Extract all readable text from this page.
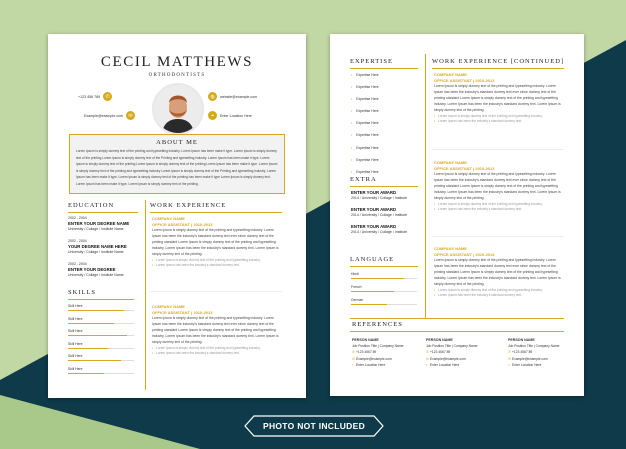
CECIL MATTHEWS
ORTHODONTISTS
+123 456 789	✆
Example@example.com	✉
◍	website@example.com
⌖	Enter Location Here
ABOUT ME
Lorem Ipsum is simply dummy text of the printing and typesetting industry. Lorem Ipsum has been make it type. Lorem Ipsum is simply dummy text of the printing Lorem Ipsum is simply dummy text of the Printing and typesetting industry. Lorem Ipsum has been make it type. Lorem Ipsum is simply dummy text of the printing Lorem Ipsum is simply dummy text of the printing Lorem Ipsum has been make it type. Lorem Ipsum is simply dummy text of the printing and typesetting industry Lorem Ipsum is simply dummy text of the Printing and typesetting industry. Lorem Ipsum has been make it type. Lorem Ipsum is simply dummy text of the printing has been make it type Lorem Ipsum is simply dummy text. Lorem Ipsum has been make it type. Lorem Ipsum is simply dummy text of the printing.
EDUCATION
2002 - 2004
ENTER YOUR DEGREE NAME
University / Collage / Institute Name
2002 - 2004
YOUR DEGREE NAME HERE
University / Collage / Institute Name
2002 - 2004
ENTER YOUR DEGREE
University / Collage / Institute Name
SKILLS
Skill Here
Skill Here
Skill Here
Skill Here
Skill Here
Skill Here
WORK EXPERIENCE
COMPANY NAME
OFFICE ASSISTANT | 2010-2013
Lorem Ipsum is simply dummy text of the printing and typesetting industry. Lorem Ipsum has been the industry's standard dummy text ever since dummy text of the printing standard Lorem Ipsum is simply dummy text of the printing and typesetting industry. Lorem Ipsum has been the industry's standard dummy text. Lorem Ipsum is simply dummy text of the printing.
• Lorem Ipsum is simply dummy text of the printing and typesetting industry.
• Lorem Ipsum has been the industry's standard dummy text.
COMPANY NAME
OFFICE ASSISTANT | 2010-2013
Lorem Ipsum is simply dummy text of the printing and typesetting industry. Lorem Ipsum has been the industry's standard dummy text ever since dummy text of the printing standard Lorem Ipsum is simply dummy text of the printing and typesetting industry. Lorem Ipsum has been the industry's standard dummy text. Lorem Ipsum is simply dummy text of the printing.
• Lorem Ipsum is simply dummy text of the printing and typesetting industry.
• Lorem Ipsum has been the industry's standard dummy text.
EXPERTISE
• Expertise Here
• Expertise Here
• Expertise Here
• Expertise Here
• Expertise Here
• Expertise Here
• Expertise Here
• Expertise Here
• Expertise Here
EXTRA
ENTER YOUR AWARD
2014 / University / Collage / Institute
ENTER YOUR AWARD
2014 / University / Collage / Institute
ENTER YOUR AWARD
2014 / University / Collage / Institute
LANGUAGE
Hindi
French
German
WORK EXPERIENCE [CONTINUED]
COMPANY NAME
OFFICE ASSISTANT | 2010-2013
Lorem Ipsum is simply dummy text of the printing and typesetting industry. Lorem Ipsum has been the industry's standard dummy text ever since dummy text of the printing standard Lorem Ipsum is simply dummy text of the printing and typesetting industry. Lorem Ipsum has been the industry's standard dummy text. Lorem Ipsum is simply dummy text of the printing.
• Lorem Ipsum is simply dummy text of the printing and typesetting industry.
• Lorem Ipsum has been the industry's standard dummy text.
COMPANY NAME
OFFICE ASSISTANT | 2010-2013
Lorem Ipsum is simply dummy text of the printing and typesetting industry. Lorem Ipsum has been the industry's standard dummy text ever since dummy text of the printing standard Lorem Ipsum is simply dummy text of the printing and typesetting industry. Lorem Ipsum has been the industry's standard dummy text. Lorem Ipsum is simply dummy text of the printing.
• Lorem Ipsum is simply dummy text of the printing and typesetting industry.
• Lorem Ipsum has been the industry's standard dummy text.
COMPANY NAME
OFFICE ASSISTANT | 2010-2013
Lorem Ipsum is simply dummy text of the printing and typesetting industry. Lorem Ipsum has been the industry's standard dummy text ever since dummy text of the printing standard Lorem Ipsum is simply dummy text of the printing and typesetting industry. Lorem Ipsum has been the industry's standard dummy text. Lorem Ipsum is simply dummy text of the printing.
• Lorem Ipsum is simply dummy text of the printing and typesetting industry.
• Lorem Ipsum has been the industry's standard dummy text.
REFERENCES
PERSON NAME
Job Position Title | Company Name
✆+123 4567 89
✉Example@example.com
⌖ Enter Location Here
PERSON NAME
Job Position Title | Company Name
✆+123 4567 89
✉Example@example.com
⌖ Enter Location Here
PERSON NAME
Job Position Title | Company Name
✆+123 4567 89
✉Example@example.com
⌖ Enter Location Here
PHOTO NOT INCLUDED
